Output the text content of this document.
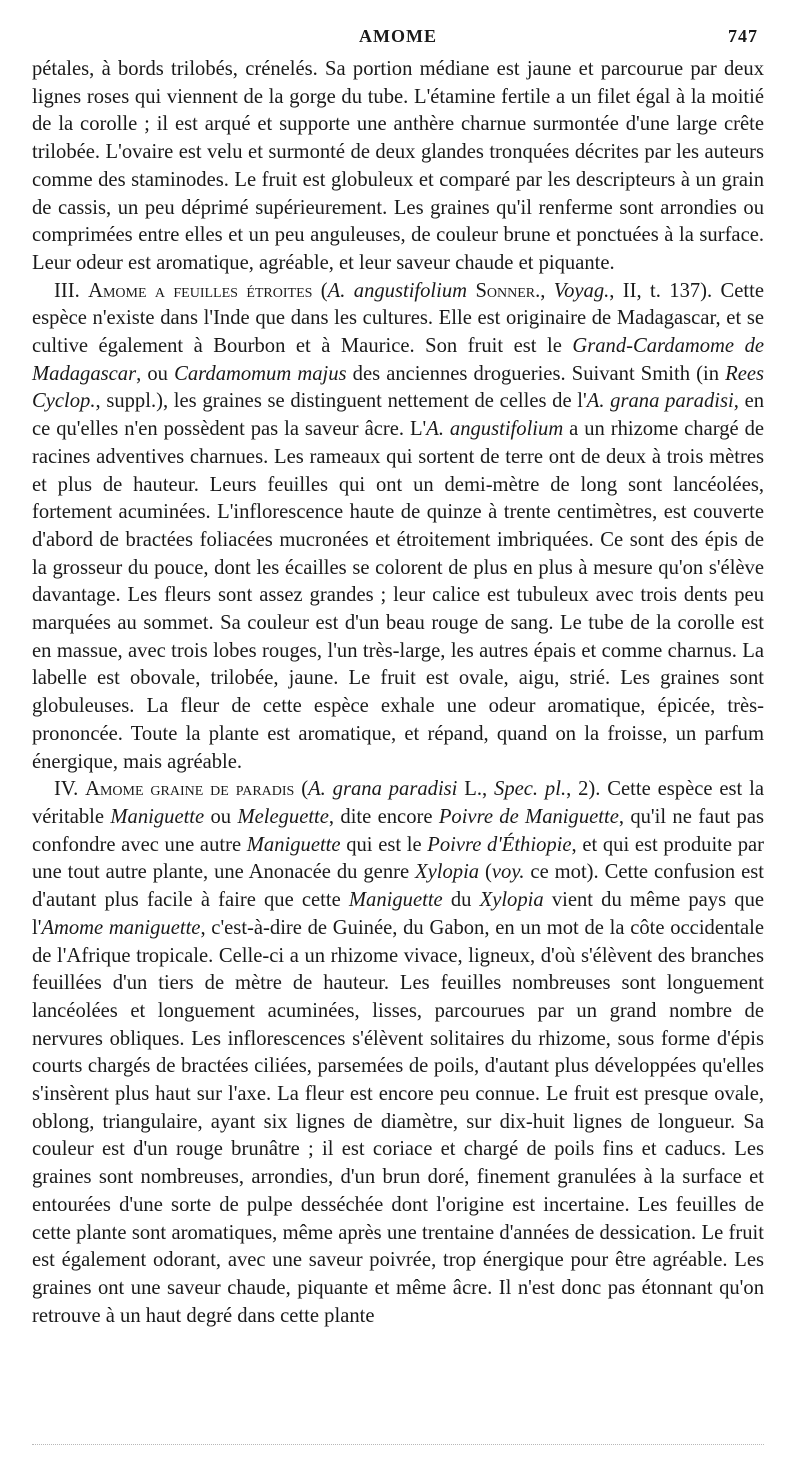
AMOME	747

pétales, à bords trilobés, crénelés. Sa portion médiane est jaune et parcourue par deux lignes roses qui viennent de la gorge du tube. L'étamine fertile a un filet égal à la moitié de la corolle ; il est arqué et supporte une anthère charnue surmontée d'une large crête trilobée. L'ovaire est velu et surmonté de deux glandes tronquées décrites par les auteurs comme des staminodes. Le fruit est globuleux et comparé par les descripteurs à un grain de cassis, un peu déprimé supérieurement. Les graines qu'il renferme sont arrondies ou comprimées entre elles et un peu anguleuses, de couleur brune et ponctuées à la surface. Leur odeur est aromatique, agréable, et leur saveur chaude et piquante.

III. Amome a feuilles étroites (A. angustifolium Sonner., Voyag., II, t. 137). Cette espèce n'existe dans l'Inde que dans les cultures. Elle est originaire de Madagascar, et se cultive également à Bourbon et à Maurice. Son fruit est le Grand-Cardamome de Madagascar, ou Cardamomum majus des anciennes drogueries. Suivant Smith (in Rees Cyclop., suppl.), les graines se distinguent nettement de celles de l'A. grana paradisi, en ce qu'elles n'en possèdent pas la saveur âcre. L'A. angustifolium a un rhizome chargé de racines adventives charnues. Les rameaux qui sortent de terre ont de deux à trois mètres et plus de hauteur. Leurs feuilles qui ont un demi-mètre de long sont lancéolées, fortement acuminées. L'inflorescence haute de quinze à trente centimètres, est couverte d'abord de bractées foliacées mucronées et étroitement imbriquées. Ce sont des épis de la grosseur du pouce, dont les écailles se colorent de plus en plus à mesure qu'on s'élève davantage. Les fleurs sont assez grandes ; leur calice est tubuleux avec trois dents peu marquées au sommet. Sa couleur est d'un beau rouge de sang. Le tube de la corolle est en massue, avec trois lobes rouges, l'un très-large, les autres épais et comme charnus. La labelle est obovale, trilobée, jaune. Le fruit est ovale, aigu, strié. Les graines sont globuleuses. La fleur de cette espèce exhale une odeur aromatique, épicée, très-prononcée. Toute la plante est aromatique, et répand, quand on la froisse, un parfum énergique, mais agréable.

IV. Amome graine de paradis (A. grana paradisi L., Spec. pl., 2). Cette espèce est la véritable Maniguette ou Meleguette, dite encore Poivre de Maniguette, qu'il ne faut pas confondre avec une autre Maniguette qui est le Poivre d'Éthiopie, et qui est produite par une tout autre plante, une Anonacée du genre Xylopia (voy. ce mot). Cette confusion est d'autant plus facile à faire que cette Maniguette du Xylopia vient du même pays que l'Amome maniguette, c'est-à-dire de Guinée, du Gabon, en un mot de la côte occidentale de l'Afrique tropicale. Celle-ci a un rhizome vivace, ligneux, d'où s'élèvent des branches feuillées d'un tiers de mètre de hauteur. Les feuilles nombreuses sont longuement lancéolées et longuement acuminées, lisses, parcourues par un grand nombre de nervures obliques. Les inflorescences s'élèvent solitaires du rhizome, sous forme d'épis courts chargés de bractées ciliées, parsemées de poils, d'autant plus développées qu'elles s'insèrent plus haut sur l'axe. La fleur est encore peu connue. Le fruit est presque ovale, oblong, triangulaire, ayant six lignes de diamètre, sur dix-huit lignes de longueur. Sa couleur est d'un rouge brunâtre ; il est coriace et chargé de poils fins et caducs. Les graines sont nombreuses, arrondies, d'un brun doré, finement granulées à la surface et entourées d'une sorte de pulpe desséchée dont l'origine est incertaine. Les feuilles de cette plante sont aromatiques, même après une trentaine d'années de dessication. Le fruit est également odorant, avec une saveur poivrée, trop énergique pour être agréable. Les graines ont une saveur chaude, piquante et même âcre. Il n'est donc pas étonnant qu'on retrouve à un haut degré dans cette plante
